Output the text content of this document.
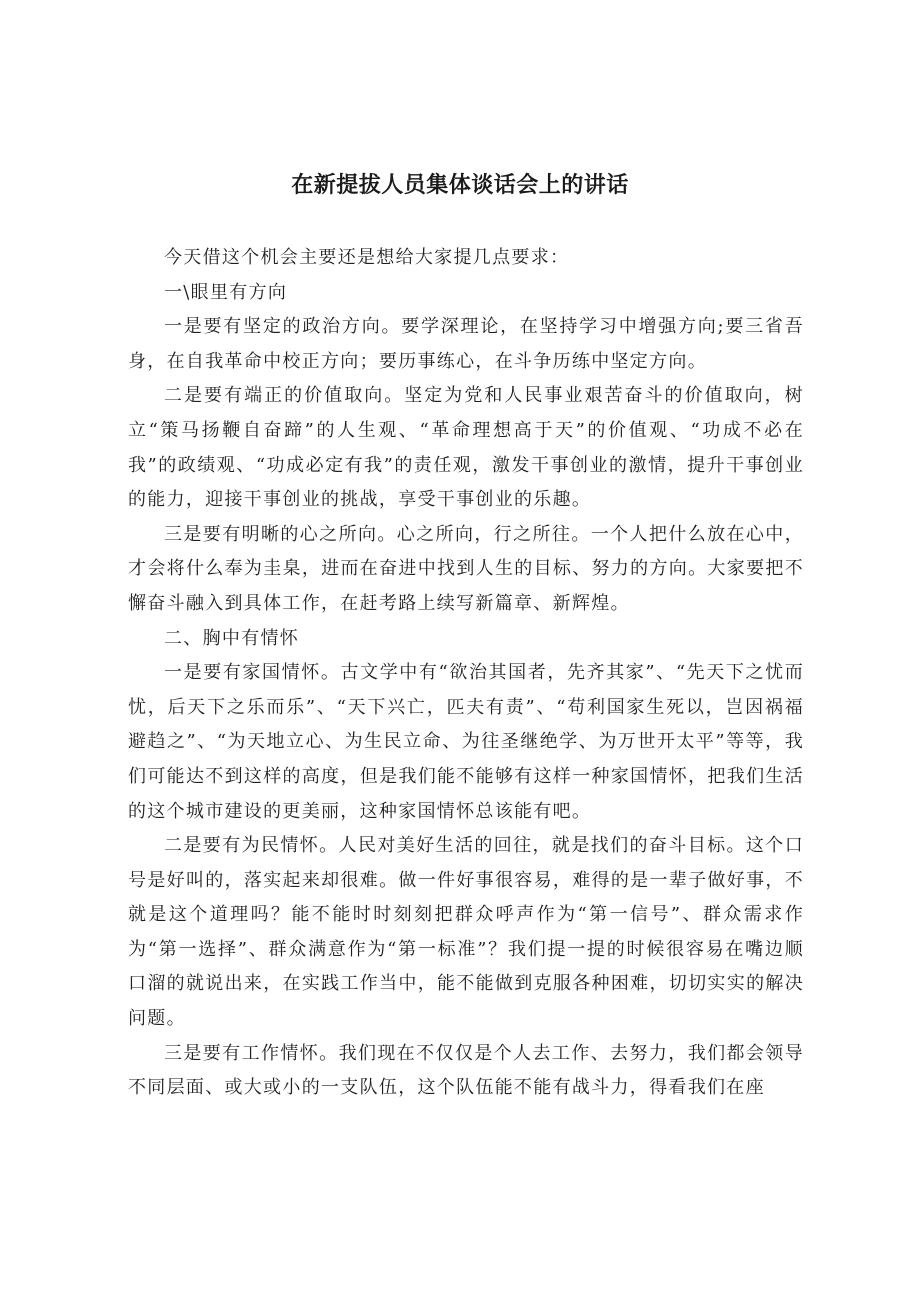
在新提拔人员集体谈话会上的讲话

今天借这个机会主要还是想给大家提几点要求：

一\眼里有方向

一是要有坚定的政治方向。要学深理论，在坚持学习中增强方向;要三省吾身，在自我革命中校正方向；要历事练心，在斗争历练中坚定方向。

二是要有端正的价值取向。坚定为党和人民事业艰苦奋斗的价值取向，树立“策马扬鞭自奋蹄”的人生观、“革命理想高于天”的价值观、“功成不必在我”的政绩观、“功成必定有我”的责任观，激发干事创业的激情，提升干事创业的能力，迎接干事创业的挑战，享受干事创业的乐趣。

三是要有明晰的心之所向。心之所向，行之所往。一个人把什么放在心中，才会将什么奉为圭臬，进而在奋进中找到人生的目标、努力的方向。大家要把不懈奋斗融入到具体工作，在赶考路上续写新篇章、新辉煌。

二、胸中有情怀

一是要有家国情怀。古文学中有“欲治其国者，先齐其家”、“先天下之忧而忧，后天下之乐而乐”、“天下兴亡，匹夫有责”、“苟利国家生死以，岂因祸福避趋之”、“为天地立心、为生民立命、为往圣继绝学、为万世开太平”等等，我们可能达不到这样的高度，但是我们能不能够有这样一种家国情怀，把我们生活的这个城市建设的更美丽，这种家国情怀总该能有吧。

二是要有为民情怀。人民对美好生活的回往，就是找们的奋斗目标。这个口号是好叫的，落实起来却很难。做一件好事很容易，难得的是一辈子做好事，不就是这个道理吗？能不能时时刻刻把群众呼声作为“第一信号”、群众需求作为“第一选择”、群众满意作为“第一标准”？我们提一提的时候很容易在嘴边顺口溜的就说出来，在实践工作当中，能不能做到克服各种困难，切切实实的解决问题。

三是要有工作情怀。我们现在不仅仅是个人去工作、去努力，我们都会领导不同层面、或大或小的一支队伍，这个队伍能不能有战斗力，得看我们在座
